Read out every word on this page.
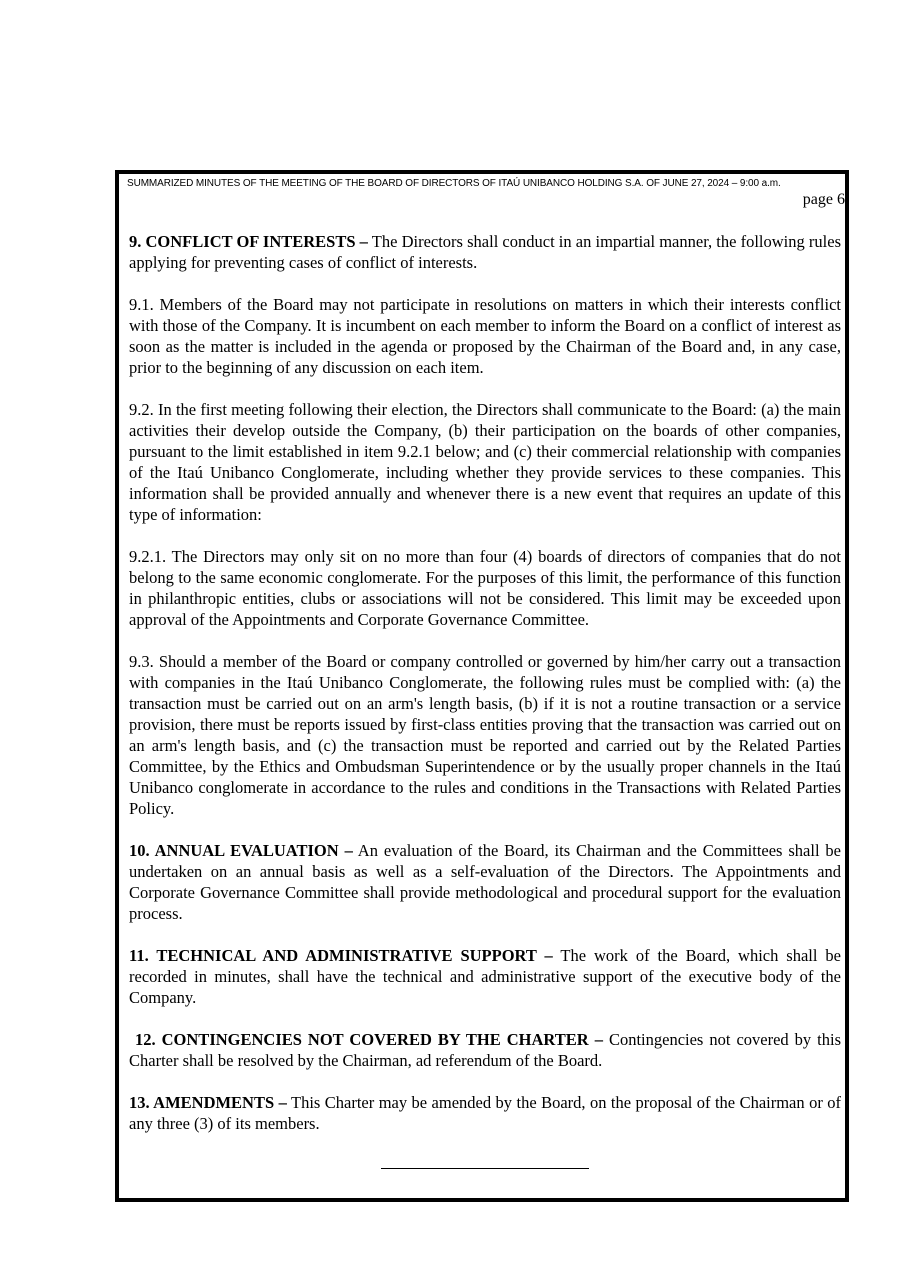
SUMMARIZED MINUTES OF THE MEETING OF THE BOARD OF DIRECTORS OF ITAÚ UNIBANCO HOLDING S.A. OF JUNE 27, 2024 – 9:00 a.m.
page 6

9. CONFLICT OF INTERESTS – The Directors shall conduct in an impartial manner, the following rules applying for preventing cases of conflict of interests.

9.1. Members of the Board may not participate in resolutions on matters in which their interests conflict with those of the Company. It is incumbent on each member to inform the Board on a conflict of interest as soon as the matter is included in the agenda or proposed by the Chairman of the Board and, in any case, prior to the beginning of any discussion on each item.

9.2. In the first meeting following their election, the Directors shall communicate to the Board: (a) the main activities their develop outside the Company, (b) their participation on the boards of other companies, pursuant to the limit established in item 9.2.1 below; and (c) their commercial relationship with companies of the Itaú Unibanco Conglomerate, including whether they provide services to these companies. This information shall be provided annually and whenever there is a new event that requires an update of this type of information:

9.2.1. The Directors may only sit on no more than four (4) boards of directors of companies that do not belong to the same economic conglomerate. For the purposes of this limit, the performance of this function in philanthropic entities, clubs or associations will not be considered. This limit may be exceeded upon approval of the Appointments and Corporate Governance Committee.

9.3. Should a member of the Board or company controlled or governed by him/her carry out a transaction with companies in the Itaú Unibanco Conglomerate, the following rules must be complied with: (a) the transaction must be carried out on an arm's length basis, (b) if it is not a routine transaction or a service provision, there must be reports issued by first-class entities proving that the transaction was carried out on an arm's length basis, and (c) the transaction must be reported and carried out by the Related Parties Committee, by the Ethics and Ombudsman Superintendence or by the usually proper channels in the Itaú Unibanco conglomerate in accordance to the rules and conditions in the Transactions with Related Parties Policy.

10. ANNUAL EVALUATION – An evaluation of the Board, its Chairman and the Committees shall be undertaken on an annual basis as well as a self-evaluation of the Directors. The Appointments and Corporate Governance Committee shall provide methodological and procedural support for the evaluation process.

11. TECHNICAL AND ADMINISTRATIVE SUPPORT – The work of the Board, which shall be recorded in minutes, shall have the technical and administrative support of the executive body of the Company.

12. CONTINGENCIES NOT COVERED BY THE CHARTER – Contingencies not covered by this Charter shall be resolved by the Chairman, ad referendum of the Board.

13. AMENDMENTS – This Charter may be amended by the Board, on the proposal of the Chairman or of any three (3) of its members.
